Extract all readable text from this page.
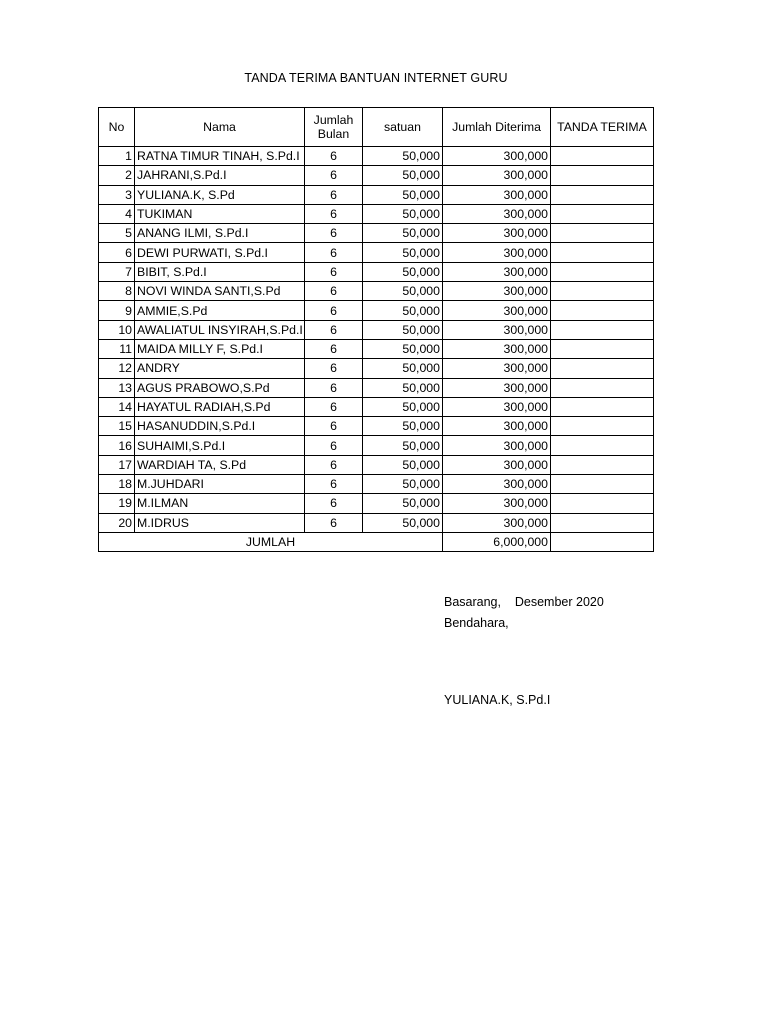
TANDA TERIMA BANTUAN INTERNET GURU
No	Nama	Jumlah Bulan	satuan	Jumlah Diterima	TANDA TERIMA
1	RATNA TIMUR TINAH, S.Pd.I	6	50,000	300,000	
2	JAHRANI,S.Pd.I	6	50,000	300,000	
3	YULIANA.K, S.Pd	6	50,000	300,000	
4	TUKIMAN	6	50,000	300,000	
5	ANANG ILMI, S.Pd.I	6	50,000	300,000	
6	DEWI PURWATI, S.Pd.I	6	50,000	300,000	
7	BIBIT, S.Pd.I	6	50,000	300,000	
8	NOVI WINDA SANTI,S.Pd	6	50,000	300,000	
9	AMMIE,S.Pd	6	50,000	300,000	
10	AWALIATUL INSYIRAH,S.Pd.I	6	50,000	300,000	
11	MAIDA MILLY F, S.Pd.I	6	50,000	300,000	
12	ANDRY	6	50,000	300,000	
13	AGUS PRABOWO,S.Pd	6	50,000	300,000	
14	HAYATUL RADIAH,S.Pd	6	50,000	300,000	
15	HASANUDDIN,S.Pd.I	6	50,000	300,000	
16	SUHAIMI,S.Pd.I	6	50,000	300,000	
17	WARDIAH TA, S.Pd	6	50,000	300,000	
18	M.JUHDARI	6	50,000	300,000	
19	M.ILMAN	6	50,000	300,000	
20	M.IDRUS	6	50,000	300,000	
JUMLAH				6,000,000	
Basarang,    Desember 2020
Bendahara,
YULIANA.K, S.Pd.I
